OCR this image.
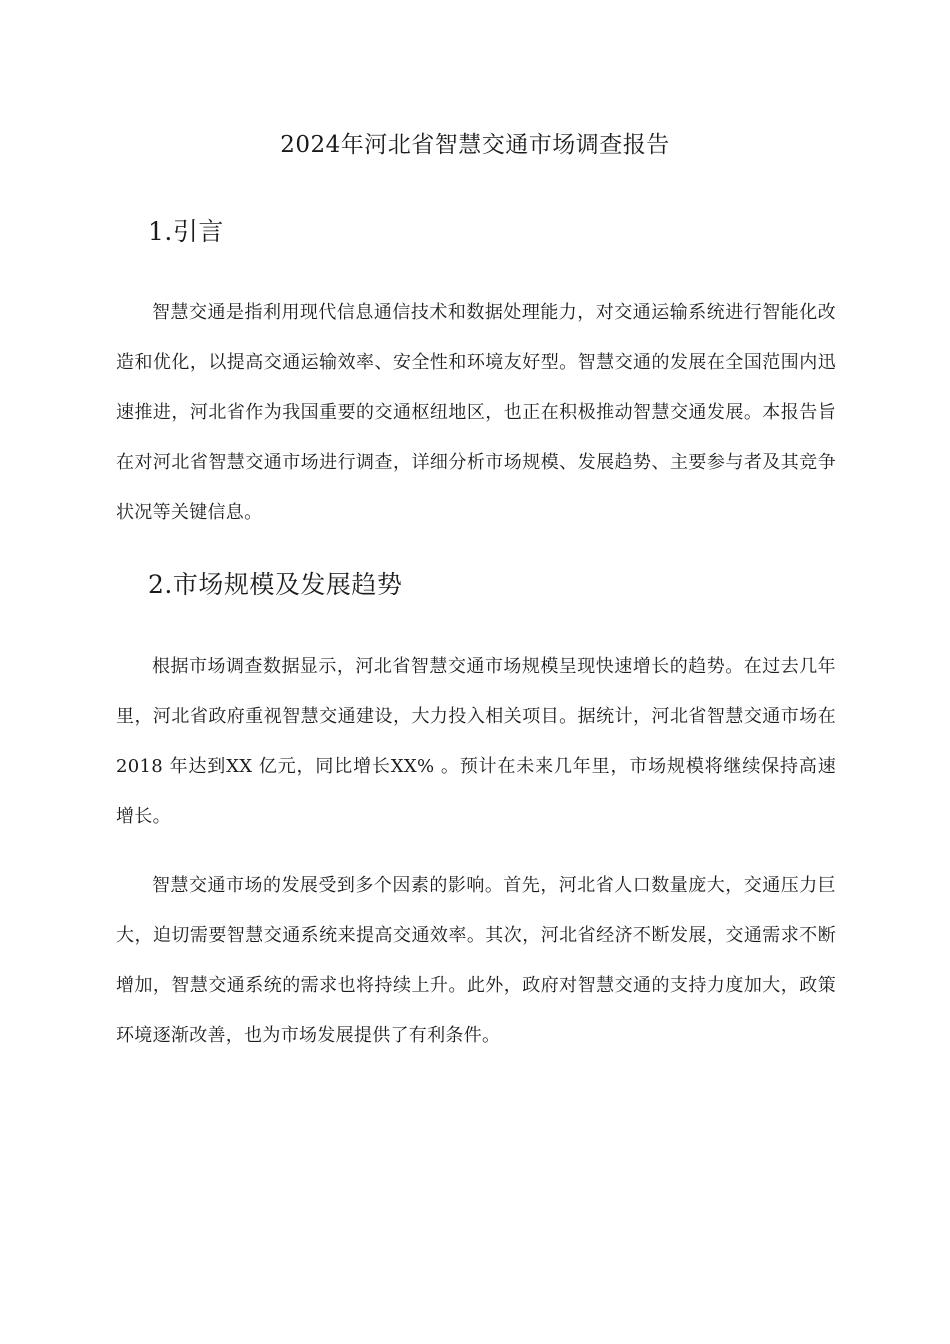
2024年河北省智慧交通市场调查报告
1.引言

智慧交通是指利用现代信息通信技术和数据处理能力，对交通运输系统进行智能化改造和优化，以提高交通运输效率、安全性和环境友好型。智慧交通的发展在全国范围内迅速推进，河北省作为我国重要的交通枢纽地区，也正在积极推动智慧交通发展。本报告旨在对河北省智慧交通市场进行调查，详细分析市场规模、发展趋势、主要参与者及其竞争状况等关键信息。

2.市场规模及发展趋势

根据市场调查数据显示，河北省智慧交通市场规模呈现快速增长的趋势。在过去几年里，河北省政府重视智慧交通建设，大力投入相关项目。据统计，河北省智慧交通市场在2018 年达到XX 亿元，同比增长XX% 。预计在未来几年里，市场规模将继续保持高速增长。

智慧交通市场的发展受到多个因素的影响。首先，河北省人口数量庞大，交通压力巨大，迫切需要智慧交通系统来提高交通效率。其次，河北省经济不断发展，交通需求不断增加，智慧交通系统的需求也将持续上升。此外，政府对智慧交通的支持力度加大，政策环境逐渐改善，也为市场发展提供了有利条件。
